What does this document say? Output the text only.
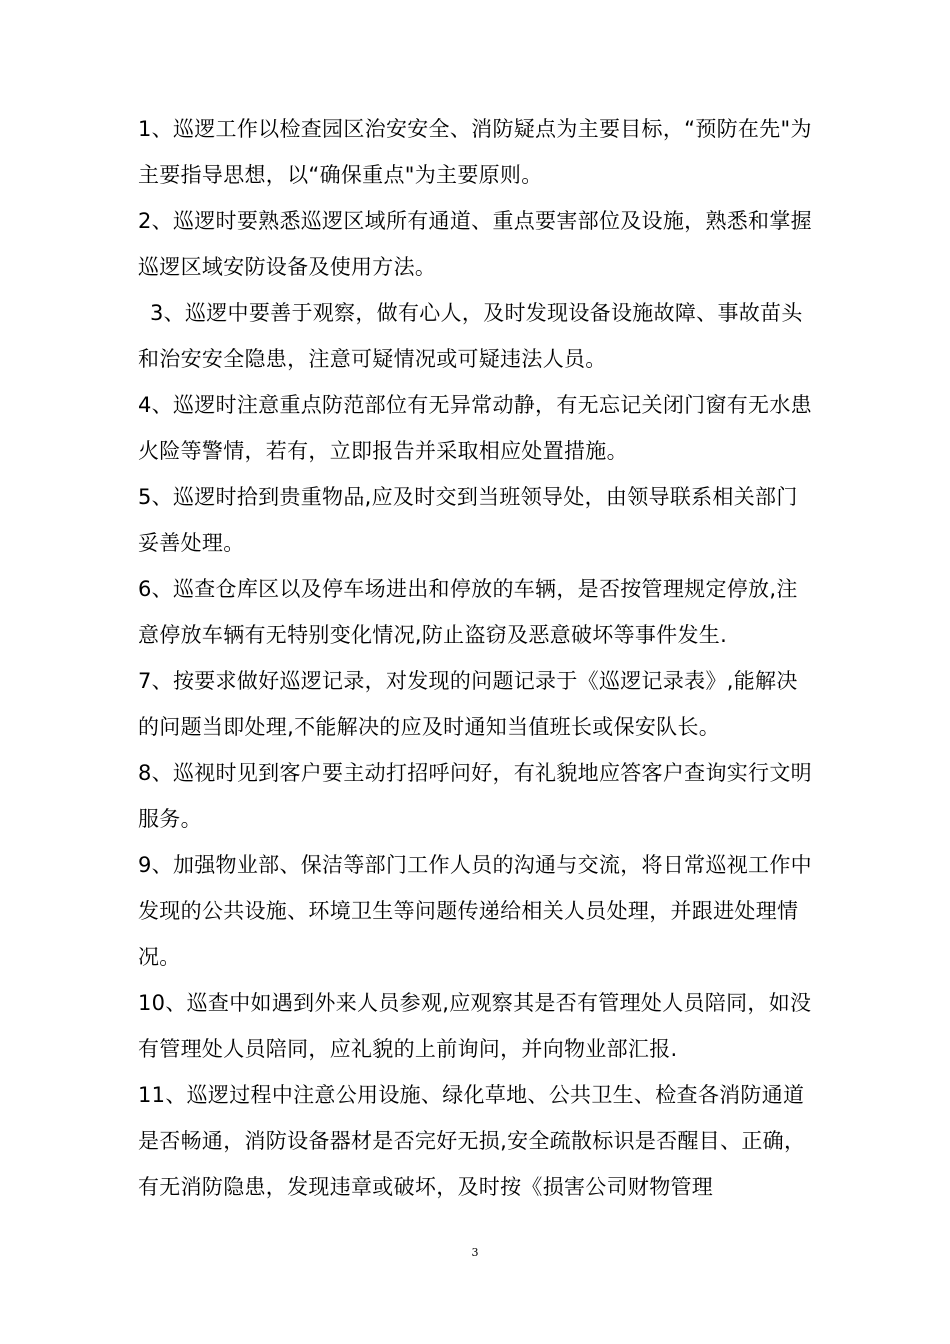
1、巡逻工作以检查园区治安安全、消防疑点为主要目标，“预防在先"为主要指导思想，以“确保重点"为主要原则。

2、巡逻时要熟悉巡逻区域所有通道、重点要害部位及设施，熟悉和掌握巡逻区域安防设备及使用方法。

3、巡逻中要善于观察，做有心人，及时发现设备设施故障、事故苗头和治安安全隐患，注意可疑情况或可疑违法人员。

4、巡逻时注意重点防范部位有无异常动静，有无忘记关闭门窗有无水患火险等警情，若有，立即报告并采取相应处置措施。

5、巡逻时拾到贵重物品,应及时交到当班领导处，由领导联系相关部门妥善处理。

6、巡查仓库区以及停车场进出和停放的车辆，是否按管理规定停放,注意停放车辆有无特别变化情况,防止盗窃及恶意破坏等事件发生.

7、按要求做好巡逻记录，对发现的问题记录于《巡逻记录表》,能解决的问题当即处理,不能解决的应及时通知当值班长或保安队长。

8、巡视时见到客户要主动打招呼问好，有礼貌地应答客户查询实行文明服务。

9、加强物业部、保洁等部门工作人员的沟通与交流，将日常巡视工作中发现的公共设施、环境卫生等问题传递给相关人员处理，并跟进处理情况。

10、巡查中如遇到外来人员参观,应观察其是否有管理处人员陪同，如没有管理处人员陪同，应礼貌的上前询问，并向物业部汇报.

11、巡逻过程中注意公用设施、绿化草地、公共卫生、检查各消防通道是否畅通，消防设备器材是否完好无损,安全疏散标识是否醒目、正确，有无消防隐患，发现违章或破坏，及时按《损害公司财物管理

3
